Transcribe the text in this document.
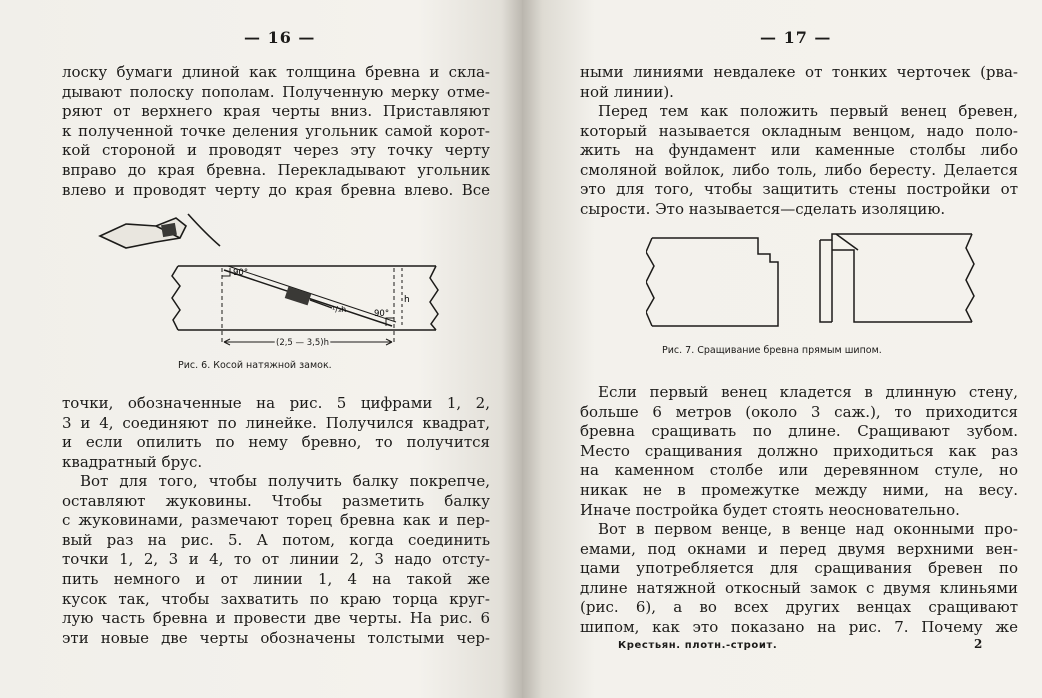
— 16 —
лоску бумаги длиной как толщина бревна и скла-
дывают полоску пополам. Полученную мерку отме-
ряют от верхнего края черты вниз. Приставляют
к полученной точке деления угольник самой корот-
кой стороной и проводят через эту точку черту
вправо до края бревна. Перекладывают угольник
влево и проводят черту до края бревна влево. Все
90°
90°
h
¹/₃h
(2,5 — 3,5)h
Рис. 6. Косой натяжной замок.
точки, обозначенные на рис. 5 цифрами 1, 2,
3 и 4, соединяют по линейке. Получился квадрат,
и если опилить по нему бревно, то получится
квадратный брус.
Вот для того, чтобы получить балку покрепче,
оставляют жуковины. Чтобы разметить балку
с жуковинами, размечают торец бревна как и пер-
вый раз на рис. 5. А потом, когда соединить
точки 1, 2, 3 и 4, то от линии 2, 3 надо отсту-
пить немного и от линии 1, 4 на такой же
кусок так, чтобы захватить по краю торца круг-
лую часть бревна и провести две черты. На рис. 6
эти новые две черты обозначены толстыми чер-
— 17 —
ными линиями невдалеке от тонких черточек (рва-
ной линии).
Перед тем как положить первый венец бревен,
который называется окладным венцом, надо поло-
жить на фундамент или каменные столбы либо
смоляной войлок, либо толь, либо бересту. Делается
это для того, чтобы защитить стены постройки от
сырости. Это называется—сделать изоляцию.
Рис. 7. Сращивание бревна прямым шипом.
Если первый венец кладется в длинную стену,
больше 6 метров (около 3 саж.), то приходится
бревна сращивать по длине. Сращивают зубом.
Место сращивания должно приходиться как раз
на каменном столбе или деревянном стуле, но
никак не в промежутке между ними, на весу.
Иначе постройка будет стоять неосновательно.
Вот в первом венце, в венце над оконными про-
емами, под окнами и перед двумя верхними вен-
цами употребляется для сращивания бревен по
длине натяжной откосный замок с двумя клиньями
(рис. 6), а во всех других венцах сращивают
шипом, как это показано на рис. 7. Почему же
Крестьян. плотн.-строит.	2
